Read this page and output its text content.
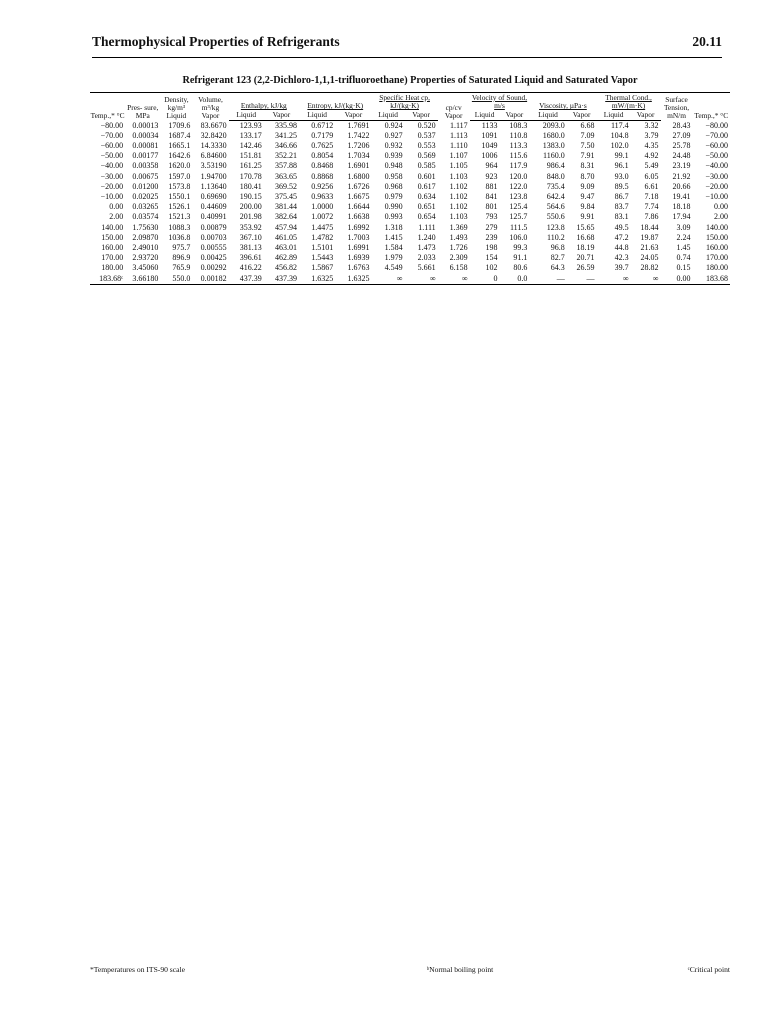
Thermophysical Properties of Refrigerants	20.11
Refrigerant 123 (2,2-Dichloro-1,1,1-trifluoroethane) Properties of Saturated Liquid and Saturated Vapor
Temp.,* °C	Pres- sure, MPa	Density, kg/m³ Liquid	Volume, m³/kg Vapor	Enthalpy, kJ/kg		Entropy, kJ/(kg·K)		Specific Heat cp, kJ/(kg·K)		cp/cv Vapor	Velocity of Sound, m/s		Viscosity, µPa·s		Thermal Cond., mW/(m·K)		Surface Tension, mN/m	Temp.,* °C
				Liquid	Vapor	Liquid	Vapor	Liquid	Vapor		Liquid	Vapor	Liquid	Vapor	Liquid	Vapor		
−80.00	0.00013	1709.6	83.6670	123.93	335.98	0.6712	1.7691	0.924	0.520	1.117	1133	108.3	2093.0	6.68	117.4	3.32	28.43	−80.00
−70.00	0.00034	1687.4	32.8420	133.17	341.25	0.7179	1.7422	0.927	0.537	1.113	1091	110.8	1680.0	7.09	104.8	3.79	27.09	−70.00
−60.00	0.00081	1665.1	14.3330	142.46	346.66	0.7625	1.7206	0.932	0.553	1.110	1049	113.3	1383.0	7.50	102.0	4.35	25.78	−60.00
−50.00	0.00177	1642.6	6.84600	151.81	352.21	0.8054	1.7034	0.939	0.569	1.107	1006	115.6	1160.0	7.91	99.1	4.92	24.48	−50.00
−40.00	0.00358	1620.0	3.53190	161.25	357.88	0.8468	1.6901	0.948	0.585	1.105	964	117.9	986.4	8.31	96.1	5.49	23.19	−40.00
−30.00	0.00675	1597.0	1.94700	170.78	363.65	0.8868	1.6800	0.958	0.601	1.103	923	120.0	848.0	8.70	93.0	6.05	21.92	−30.00
−20.00	0.01200	1573.8	1.13640	180.41	369.52	0.9256	1.6726	0.968	0.617	1.102	881	122.0	735.4	9.09	89.5	6.61	20.66	−20.00
−10.00	0.02025	1550.1	0.69690	190.15	375.45	0.9633	1.6675	0.979	0.634	1.102	841	123.8	642.4	9.47	86.7	7.18	19.41	−10.00
0.00	0.03265	1526.1	0.44609	200.00	381.44	1.0000	1.6644	0.990	0.651	1.102	801	125.4	564.6	9.84	83.7	7.74	18.18	0.00
2.00	0.03574	1521.3	0.40991	201.98	382.64	1.0072	1.6638	0.993	0.654	1.103	793	125.7	550.6	9.91	83.1	7.86	17.94	2.00
140.00	1.75630	1088.3	0.00879	353.92	457.94	1.4475	1.6992	1.318	1.111	1.369	279	111.5	123.8	15.65	49.5	18.44	3.09	140.00
150.00	2.09870	1036.8	0.00703	367.10	461.05	1.4782	1.7003	1.415	1.240	1.493	239	106.0	110.2	16.68	47.2	19.87	2.24	150.00
160.00	2.49010	975.7	0.00555	381.13	463.01	1.5101	1.6991	1.584	1.473	1.726	198	99.3	96.8	18.19	44.8	21.63	1.45	160.00
170.00	2.93720	896.9	0.00425	396.61	462.89	1.5443	1.6939	1.979	2.033	2.309	154	91.1	82.7	20.71	42.3	24.05	0.74	170.00
180.00	3.45060	765.9	0.00292	416.22	456.82	1.5867	1.6763	4.549	5.661	6.158	102	80.6	64.3	26.59	39.7	28.82	0.15	180.00
183.68ᶜ	3.66180	550.0	0.00182	437.39	437.39	1.6325	1.6325	∞	∞	∞	0	0.0	—	—	∞	∞	0.00	183.68
*Temperatures on ITS-90 scale	ᵇNormal boiling point	ᶜCritical point
